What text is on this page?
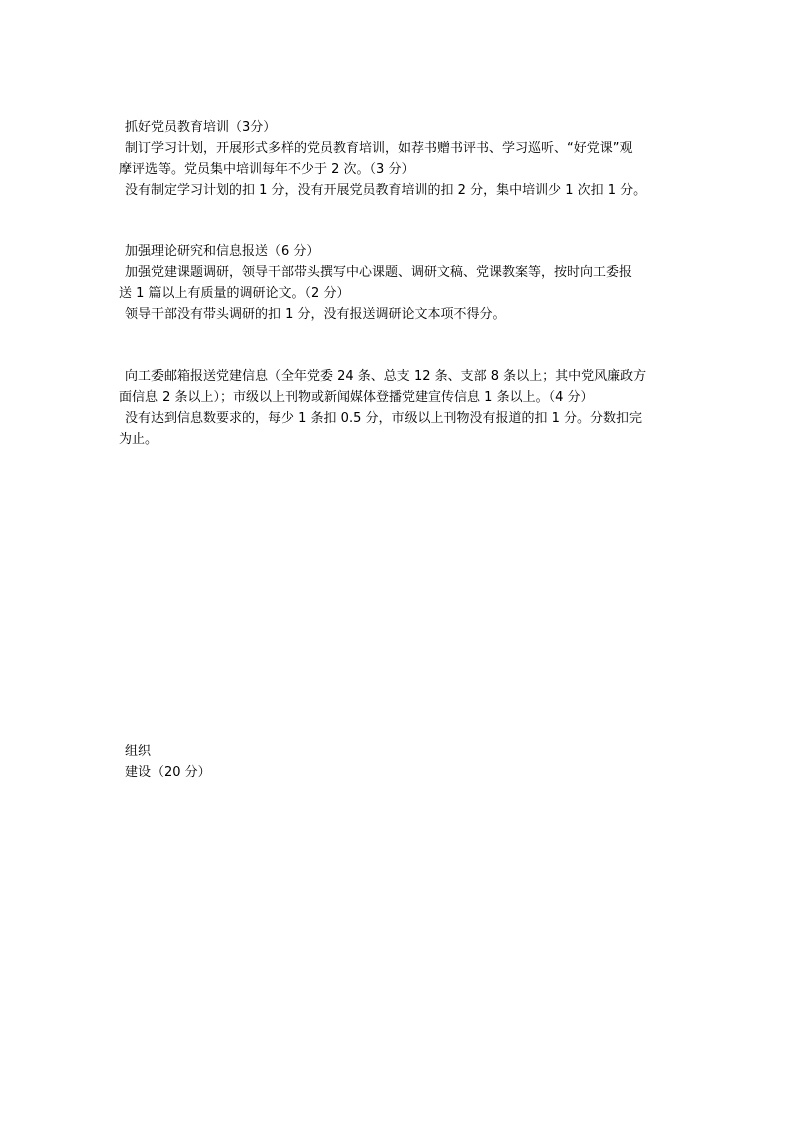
抓好党员教育培训（3分）
制订学习计划，开展形式多样的党员教育培训，如荐书赠书评书、学习巡听、“好党课”观
摩评选等。党员集中培训每年不少于 2 次。（3 分）
没有制定学习计划的扣 1 分，没有开展党员教育培训的扣 2 分，集中培训少 1 次扣 1 分。
加强理论研究和信息报送（6 分）
加强党建课题调研，领导干部带头撰写中心课题、调研文稿、党课教案等，按时向工委报
送 1 篇以上有质量的调研论文。（2 分）
领导干部没有带头调研的扣 1 分，没有报送调研论文本项不得分。
向工委邮箱报送党建信息（全年党委 24 条、总支 12 条、支部 8 条以上；其中党风廉政方
面信息 2 条以上）；市级以上刊物或新闻媒体登播党建宣传信息 1 条以上。（4 分）
没有达到信息数要求的，每少 1 条扣 0.5 分，市级以上刊物没有报道的扣 1 分。分数扣完
为止。
组织
建设（20 分）
